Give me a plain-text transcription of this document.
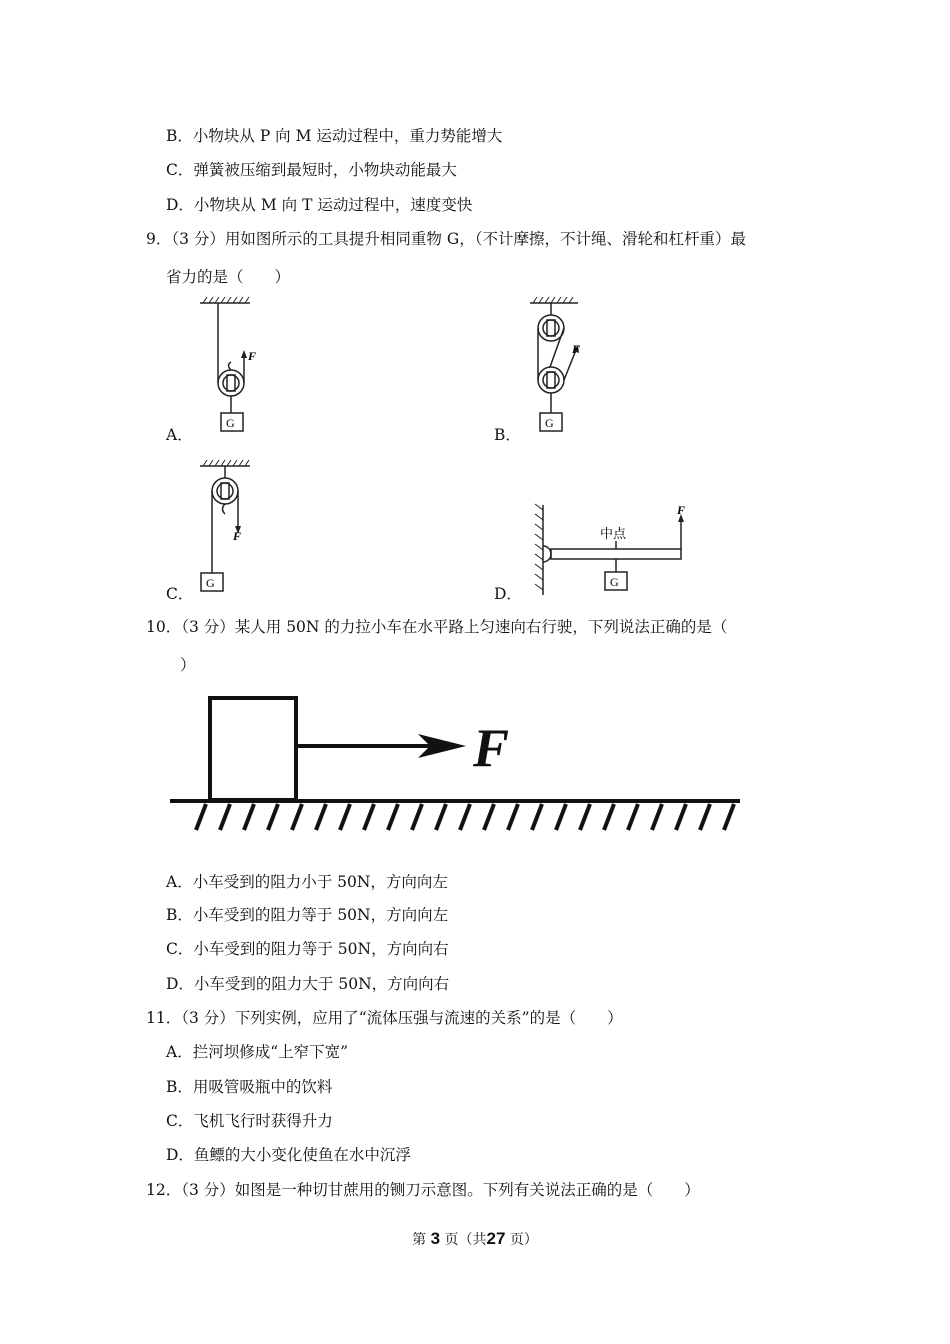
B．小物块从 P 向 M 运动过程中，重力势能增大
C．弹簧被压缩到最短时，小物块动能最大
D．小物块从 M 向 T 运动过程中，速度变快
9．（3 分）用如图所示的工具提升相同重物 G，（不计摩擦，不计绳、滑轮和杠杆重）最
省力的是（　　）
F
G
A．
F
G
B．
F
G
C．
F
中点
G
D．
10．（3 分）某人用 50N 的力拉小车在水平路上匀速向右行驶，下列说法正确的是（
）
F
A．小车受到的阻力小于 50N，方向向左
B．小车受到的阻力等于 50N，方向向左
C．小车受到的阻力等于 50N，方向向右
D．小车受到的阻力大于 50N，方向向右
11．（3 分）下列实例，应用了“流体压强与流速的关系”的是（　　）
A．拦河坝修成“上窄下宽”
B．用吸管吸瓶中的饮料
C．飞机飞行时获得升力
D．鱼鳔的大小变化使鱼在水中沉浮
12．（3 分）如图是一种切甘蔗用的铡刀示意图。下列有关说法正确的是（　　）
第 3 页（共27 页）
